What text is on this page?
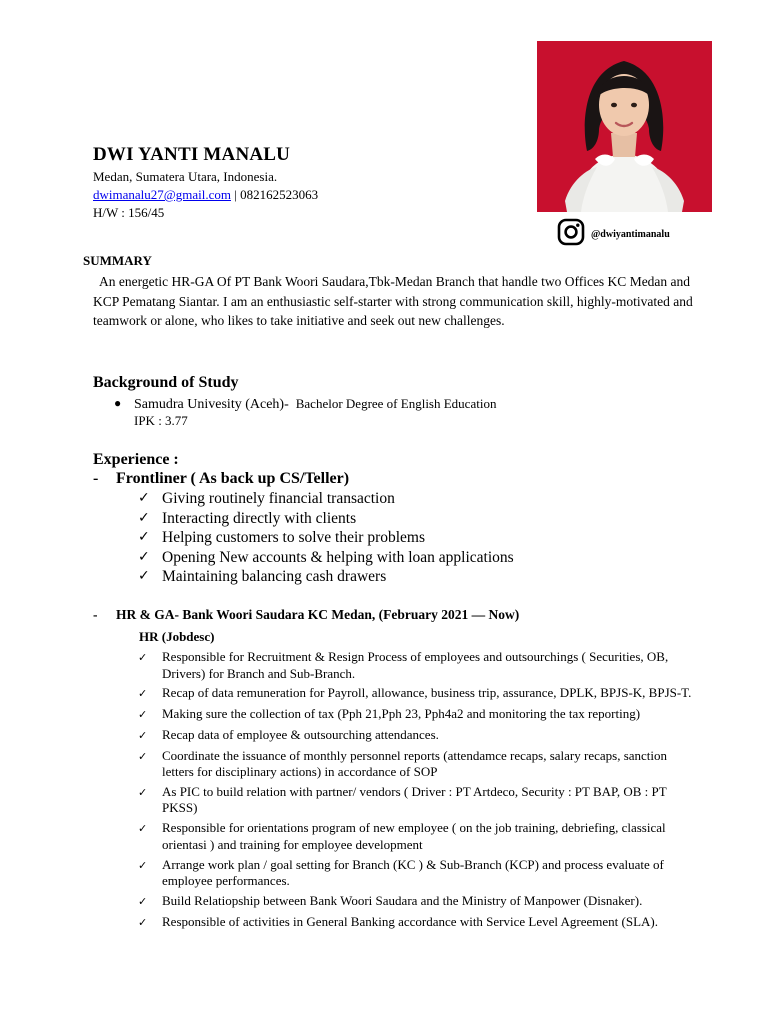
DWI YANTI MANALU
Medan, Sumatera Utara, Indonesia.
dwimanalu27@gmail.com | 082162523063
H/W : 156/45
@dwiyantimanalu
SUMMARY
An energetic HR-GA Of PT Bank Woori Saudara,Tbk-Medan Branch that handle two Offices KC Medan and KCP Pematang Siantar. I am an enthusiastic self-starter with strong communication skill, highly-motivated and teamwork or alone, who likes to take initiative and seek out new challenges.
Background of Study
● Samudra Univesity (Aceh)- Bachelor Degree of English Education
IPK : 3.77
Experience :
- Frontliner ( As back up CS/Teller)
✓ Giving routinely financial transaction
✓ Interacting directly with clients
✓ Helping customers to solve their problems
✓ Opening New accounts & helping with loan applications
✓ Maintaining balancing cash drawers
- HR & GA- Bank Woori Saudara KC Medan, (February 2021 — Now)
HR (Jobdesc)
✓	Responsible for Recruitment & Resign Process of employees and outsourchings ( Securities, OB, Drivers) for Branch and Sub-Branch.
✓	Recap of data remuneration for Payroll, allowance, business trip, assurance, DPLK, BPJS-K, BPJS-T.
✓	Making sure the collection of tax (Pph 21,Pph 23, Pph4a2 and monitoring the tax reporting)
✓	Recap data of employee & outsourching attendances.
✓	Coordinate the issuance of monthly personnel reports (attendamce recaps, salary recaps, sanction letters for disciplinary actions) in accordance of SOP
✓	As PIC to build relation with partner/ vendors ( Driver : PT Artdeco, Security : PT BAP, OB : PT PKSS)
✓	Responsible for orientations program of new employee ( on the job training, debriefing, classical orientasi ) and training for employee development
✓	Arrange work plan / goal setting for Branch (KC ) & Sub-Branch (KCP) and process evaluate of employee performances.
✓	Build Relatiopship between Bank Woori Saudara and the Ministry of Manpower (Disnaker).
✓	Responsible of activities in General Banking accordance with Service Level Agreement (SLA).
